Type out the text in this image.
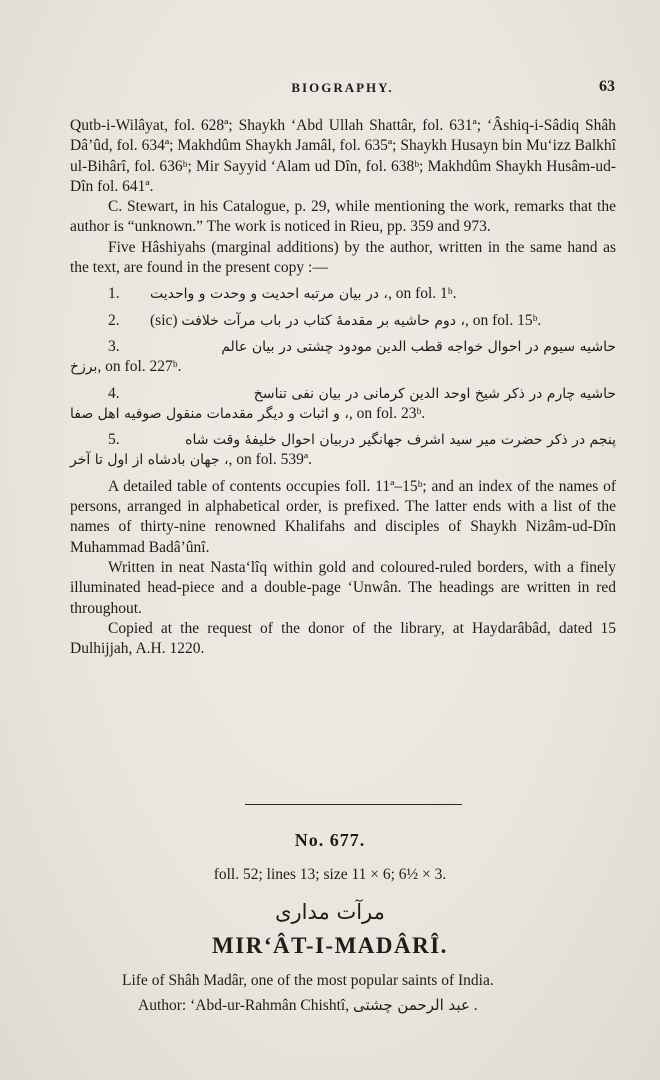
BIOGRAPHY.	63

Qutb-i-Wilâyat, fol. 628ª; Shaykh ‘Abd Ullah Shattâr, fol. 631ª; ‘Âshiq-i-Sâdiq Shâh Dâ’ûd, fol. 634ª; Makhdûm Shaykh Jamâl, fol. 635ª; Shaykh Husayn bin Mu‘izz Balkhî ul-Bihârî, fol. 636ᵇ; Mir Sayyid ‘Alam ud Dîn, fol. 638ᵇ; Makhdûm Shaykh Husâm-ud-Dîn fol. 641ª.

C. Stewart, in his Catalogue, p. 29, while mentioning the work, remarks that the author is “unknown.” The work is noticed in Rieu, pp. 359 and 973.

Five Hâshiyahs (marginal additions) by the author, written in the same hand as the text, are found in the present copy :—

1.	، در بیان مرتبه احدیت و وحدت و واحدیت, on fol. 1ᵇ.
2.	(sic) ، دوم حاشیه بر مقدمهٔ کتاب در باب مرآت خلافت, on fol. 15ᵇ.
3.	حاشیه سیوم در احوال خواجه قطب الدین مودود چشتی در بیان عالم
برزخ, on fol. 227ᵇ.
4.	حاشیه چارم در ذکر شیخ اوحد الدین کرمانی در بیان نفی تناسخ
، و اثبات و دیگر مقدمات منقول صوفیه اهل صفا, on fol. 23ᵇ.
5.	پنجم در ذکر حضرت میر سید اشرف جهانگیر دربیان احوال خلیفهٔ وقت شاه
، جهان بادشاه از اول تا آخر, on fol. 539ª.

A detailed table of contents occupies foll. 11ª–15ᵇ; and an index of the names of persons, arranged in alphabetical order, is prefixed. The latter ends with a list of the names of thirty-nine renowned Khalifahs and disciples of Shaykh Nizâm-ud-Dîn Muhammad Badâ’ûnî.

Written in neat Nasta‘lîq within gold and coloured-ruled borders, with a finely illuminated head-piece and a double-page ‘Unwân. The headings are written in red throughout.

Copied at the request of the donor of the library, at Haydarâbâd, dated 15 Dulhijjah, A.H. 1220.

No. 677.
foll. 52; lines 13; size 11 × 6; 6½ × 3.
مرآت مداری
MIR‘ÂT-I-MADÂRÎ.
Life of Shâh Madâr, one of the most popular saints of India.
Author: ‘Abd-ur-Rahmân Chishtî, عبد الرحمن چشتی .
